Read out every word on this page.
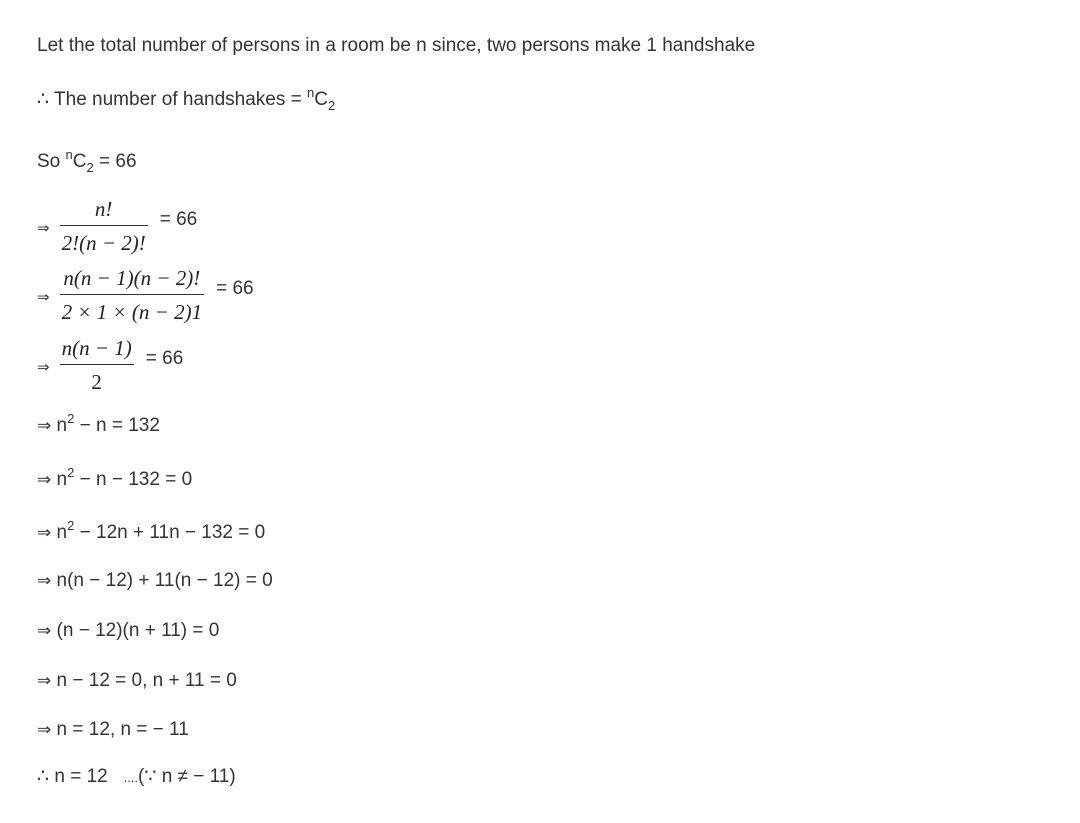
Let the total number of persons in a room be n since, two persons make 1 handshake
∴ The number of handshakes = $^nC_2$
So $^nC_2 = 66$
⇒ $\frac{n!}{2!(n - 2)!} = 66$
⇒ $\frac{n(n - 1)(n - 2)!}{2 \times 1 \times (n - 2)1} = 66$
⇒ $\frac{n(n - 1)}{2} = 66$
⇒ $n^2 - n = 132$
⇒ $n^2 - n - 132 = 0$
⇒ $n^2 - 12n + 11n - 132 = 0$
⇒ n(n − 12) + 11(n − 12) = 0
⇒ (n − 12)(n + 11) = 0
⇒ n − 12 = 0, n + 11 = 0
⇒ n = 12, n = − 11
∴ n = 12 ....(∵ n ≠ − 11)
